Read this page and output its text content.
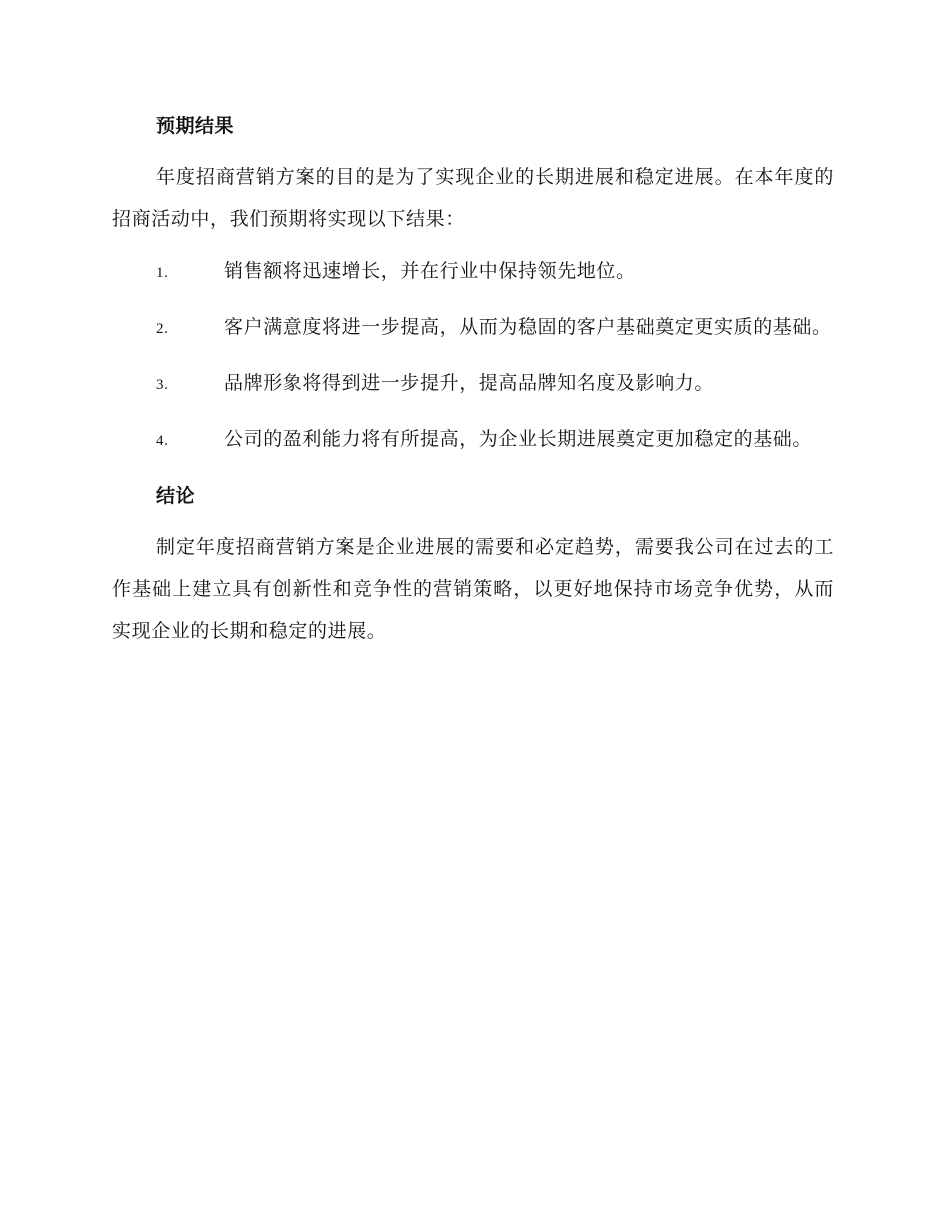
预期结果

年度招商营销方案的目的是为了实现企业的长期进展和稳定进展。在本年度的招商活动中，我们预期将实现以下结果：

1.	销售额将迅速增长，并在行业中保持领先地位。
2.	客户满意度将进一步提高，从而为稳固的客户基础奠定更实质的基础。
3.	品牌形象将得到进一步提升，提高品牌知名度及影响力。
4.	公司的盈利能力将有所提高，为企业长期进展奠定更加稳定的基础。
结论

制定年度招商营销方案是企业进展的需要和必定趋势，需要我公司在过去的工作基础上建立具有创新性和竞争性的营销策略，以更好地保持市场竞争优势，从而实现企业的长期和稳定的进展。
